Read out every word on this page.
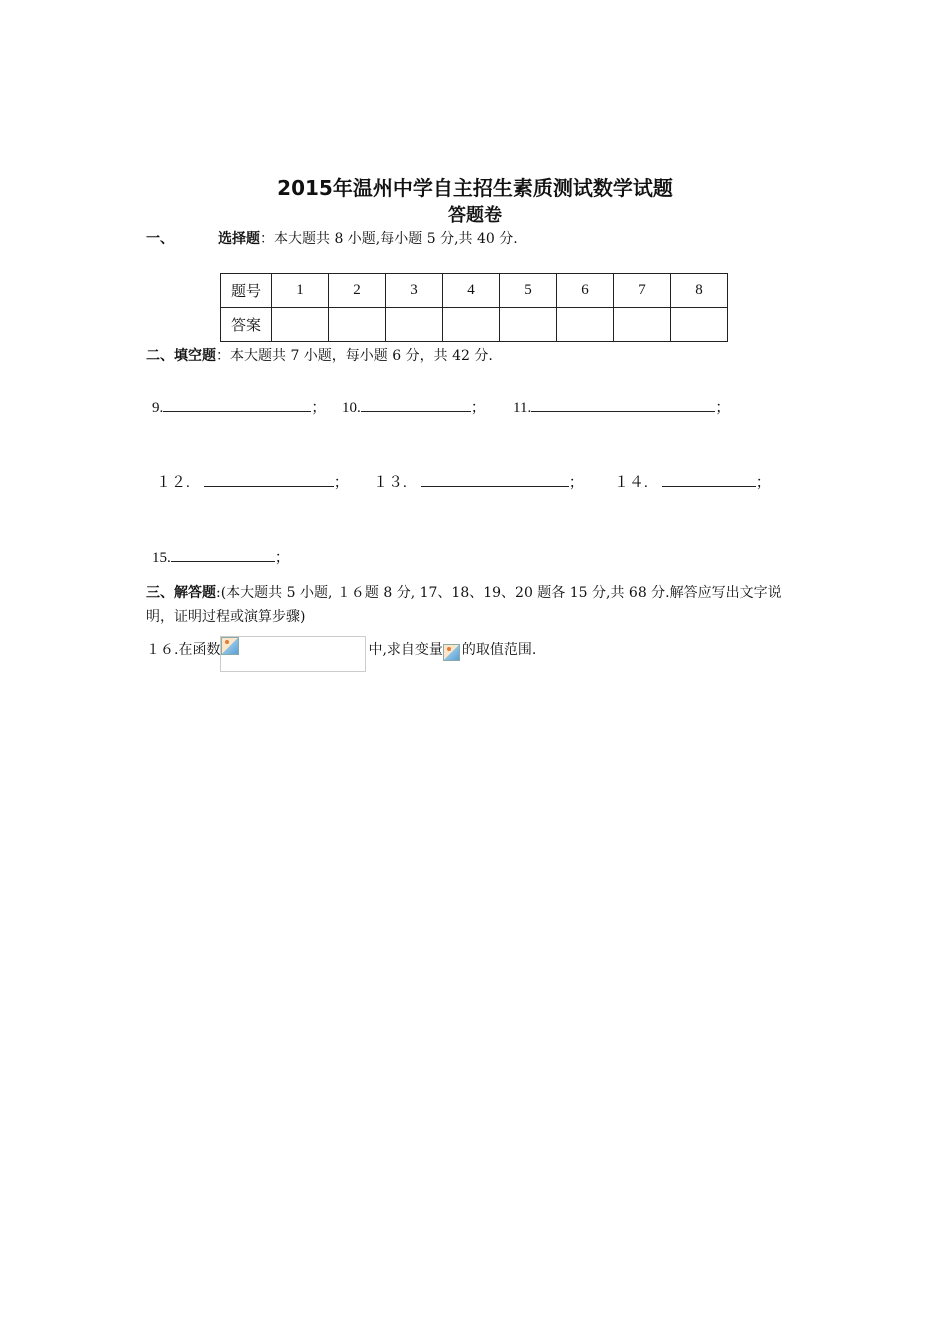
2015年温州中学自主招生素质测试数学试题
答题卷
一、	选择题：本大题共 8 小题,每小题 5 分,共 40 分.
题号	1	2	3	4	5	6	7	8
答案								
二、填空题：本大题共 7 小题，每小题 6 分，共 42 分.
9.	； 10.	； 11.	；
１２.	； １３.	； １４.	；
15.	；
三、解答题:(本大题共 5 小题, １６题 8 分, 17、18、19、20 题各 15 分,共 68 分.解答应写出文字说明，证明过程或演算步骤)
１６.在函数	中,求自变量 的取值范围.
